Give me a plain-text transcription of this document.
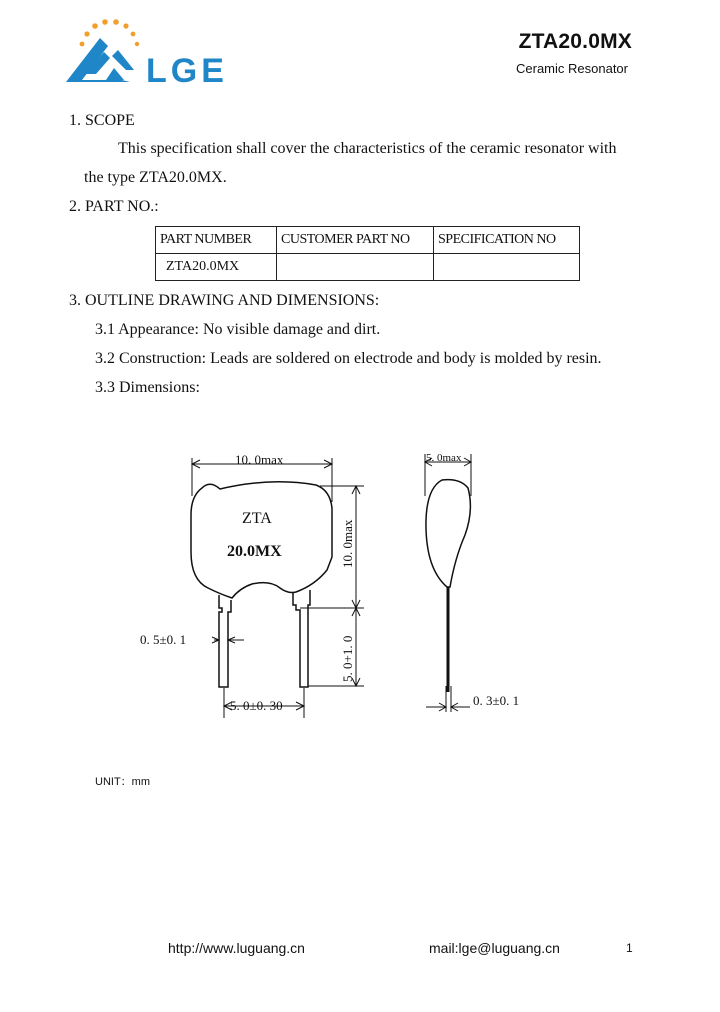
LGE
ZTA20.0MX
Ceramic Resonator
1. SCOPE
This specification shall cover the characteristics of the ceramic resonator with
the type ZTA20.0MX.
2. PART NO.:
PART NUMBER	CUSTOMER PART NO	SPECIFICATION NO
ZTA20.0MX		
3. OUTLINE DRAWING AND DIMENSIONS:
3.1 Appearance: No visible damage and dirt.
3.2 Construction: Leads are soldered on electrode and body is molded by resin.
3.3 Dimensions:
ZTA
20.0MX
10. 0max
10. 0max
5. 0+1. 0
0. 5±0. 1
5. 0±0. 30
5. 0max
0. 3±0. 1
UNIT：mm
http://www.luguang.cn	mail:lge@luguang.cn	1
